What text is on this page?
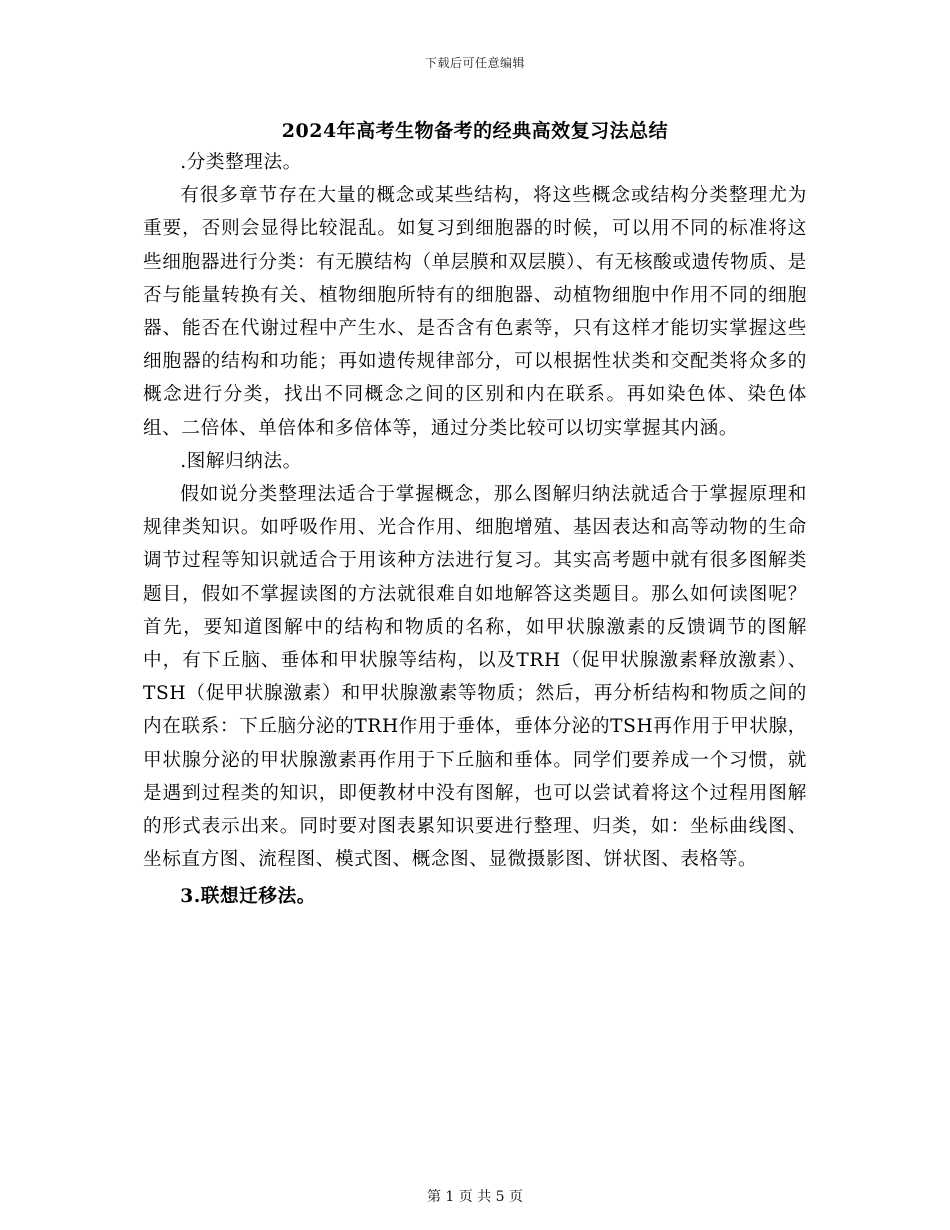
下载后可任意编辑
2024年高考生物备考的经典高效复习法总结

.分类整理法。

有很多章节存在大量的概念或某些结构，将这些概念或结构分类整理尤为重要，否则会显得比较混乱。如复习到细胞器的时候，可以用不同的标准将这些细胞器进行分类：有无膜结构（单层膜和双层膜）、有无核酸或遗传物质、是否与能量转换有关、植物细胞所特有的细胞器、动植物细胞中作用不同的细胞器、能否在代谢过程中产生水、是否含有色素等，只有这样才能切实掌握这些细胞器的结构和功能；再如遗传规律部分，可以根据性状类和交配类将众多的概念进行分类，找出不同概念之间的区别和内在联系。再如染色体、染色体组、二倍体、单倍体和多倍体等，通过分类比较可以切实掌握其内涵。

.图解归纳法。

假如说分类整理法适合于掌握概念，那么图解归纳法就适合于掌握原理和规律类知识。如呼吸作用、光合作用、细胞增殖、基因表达和高等动物的生命调节过程等知识就适合于用该种方法进行复习。其实高考题中就有很多图解类题目，假如不掌握读图的方法就很难自如地解答这类题目。那么如何读图呢？首先，要知道图解中的结构和物质的名称，如甲状腺激素的反馈调节的图解中，有下丘脑、垂体和甲状腺等结构，以及TRH（促甲状腺激素释放激素）、TSH（促甲状腺激素）和甲状腺激素等物质；然后，再分析结构和物质之间的内在联系：下丘脑分泌的TRH作用于垂体，垂体分泌的TSH再作用于甲状腺，甲状腺分泌的甲状腺激素再作用于下丘脑和垂体。同学们要养成一个习惯，就是遇到过程类的知识，即便教材中没有图解，也可以尝试着将这个过程用图解的形式表示出来。同时要对图表累知识要进行整理、归类，如：坐标曲线图、坐标直方图、流程图、模式图、概念图、显微摄影图、饼状图、表格等。

3.联想迁移法。

第 1 页 共 5 页
